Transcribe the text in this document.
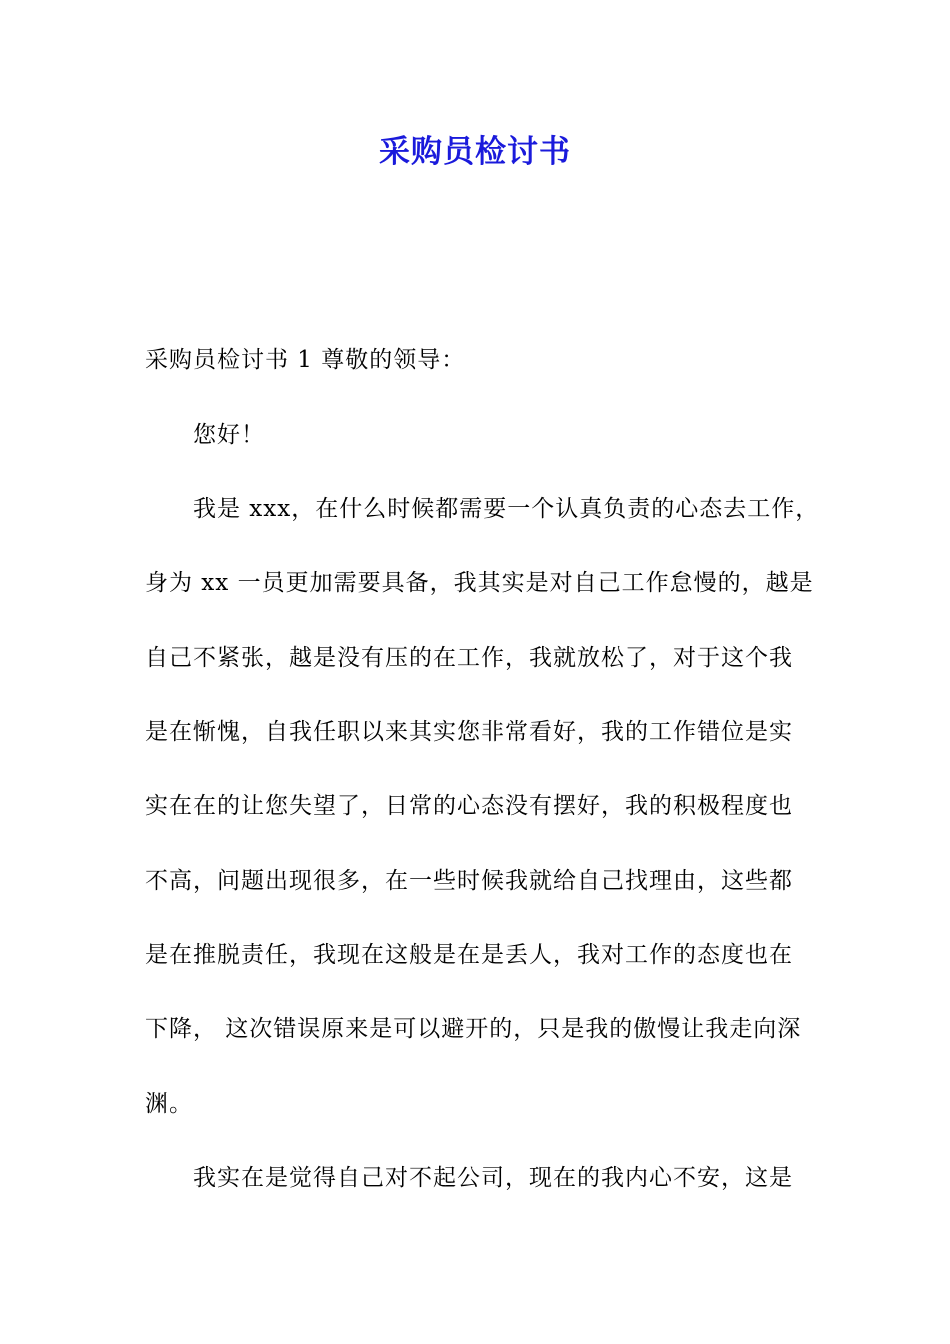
采购员检讨书
采购员检讨书 1 尊敬的领导：
您好！
我是 xxx，在什么时候都需要一个认真负责的心态去工作，
身为 xx 一员更加需要具备，我其实是对自己工作怠慢的，越是
自己不紧张，越是没有压的在工作，我就放松了，对于这个我
是在惭愧，自我任职以来其实您非常看好，我的工作错位是实
实在在的让您失望了，日常的心态没有摆好，我的积极程度也
不高，问题出现很多，在一些时候我就给自己找理由，这些都
是在推脱责任，我现在这般是在是丢人，我对工作的态度也在
下降， 这次错误原来是可以避开的，只是我的傲慢让我走向深
渊。
我实在是觉得自己对不起公司，现在的我内心不安，这是
